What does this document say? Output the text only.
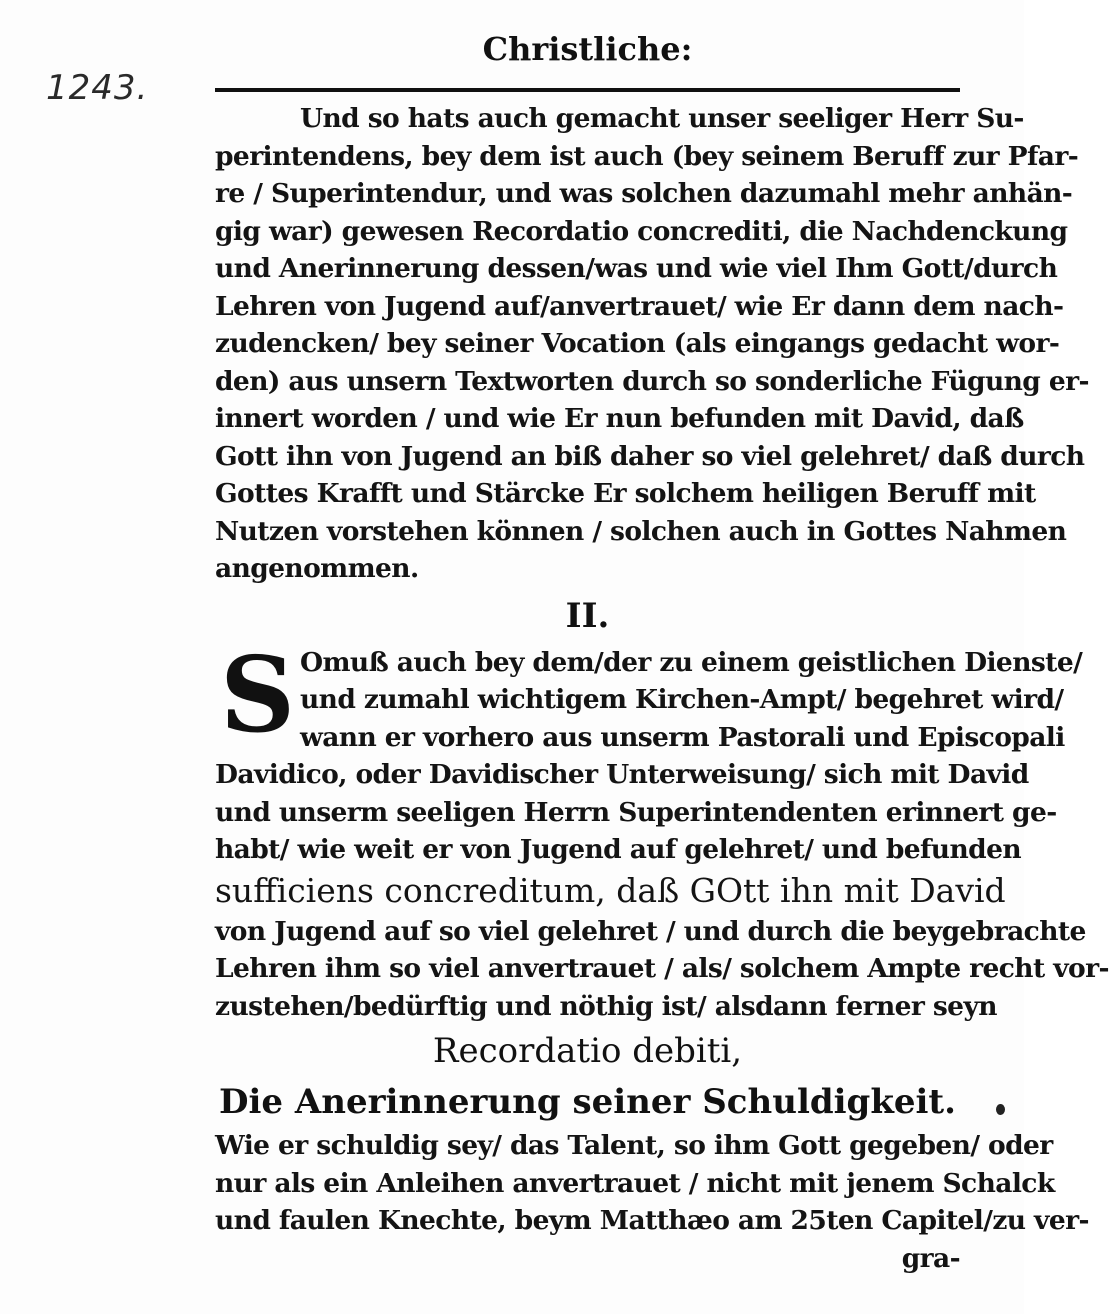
1243.
Christliche:
Und so hats auch gemacht unser seeliger Herr Su-
perintendens, bey dem ist auch (bey seinem Beruff zur Pfar-
re / Superintendur, und was solchen dazumahl mehr anhän-
gig war) gewesen Recordatio concrediti, die Nachdenckung
und Anerinnerung dessen/was und wie viel Ihm Gott/durch
Lehren von Jugend auf/anvertrauet/ wie Er dann dem nach-
zudencken/ bey seiner Vocation (als eingangs gedacht wor-
den) aus unsern Textworten durch so sonderliche Fügung er-
innert worden / und wie Er nun befunden mit David, daß
Gott ihn von Jugend an biß daher so viel gelehret/ daß durch
Gottes Krafft und Stärcke Er solchem heiligen Beruff mit
Nutzen vorstehen können / solchen auch in Gottes Nahmen
angenommen.
II.
S Omuß auch bey dem/der zu einem geistlichen Dienste/
und zumahl wichtigem Kirchen-Ampt/ begehret wird/
wann er vorhero aus unserm Pastorali und Episcopali
Davidico, oder Davidischer Unterweisung/ sich mit David
und unserm seeligen Herrn Superintendenten erinnert ge-
habt/ wie weit er von Jugend auf gelehret/ und befunden
sufficiens concreditum, daß GOtt ihn mit David
von Jugend auf so viel gelehret / und durch die beygebrachte
Lehren ihm so viel anvertrauet / als/ solchem Ampte recht vor-
zustehen/bedürftig und nöthig ist/ alsdann ferner seyn
Recordatio debiti,
Die Anerinnerung seiner Schuldigkeit.
Wie er schuldig sey/ das Talent, so ihm Gott gegeben/ oder
nur als ein Anleihen anvertrauet / nicht mit jenem Schalck
und faulen Knechte, beym Matthæo am 25ten Capitel/zu ver-
gra-
